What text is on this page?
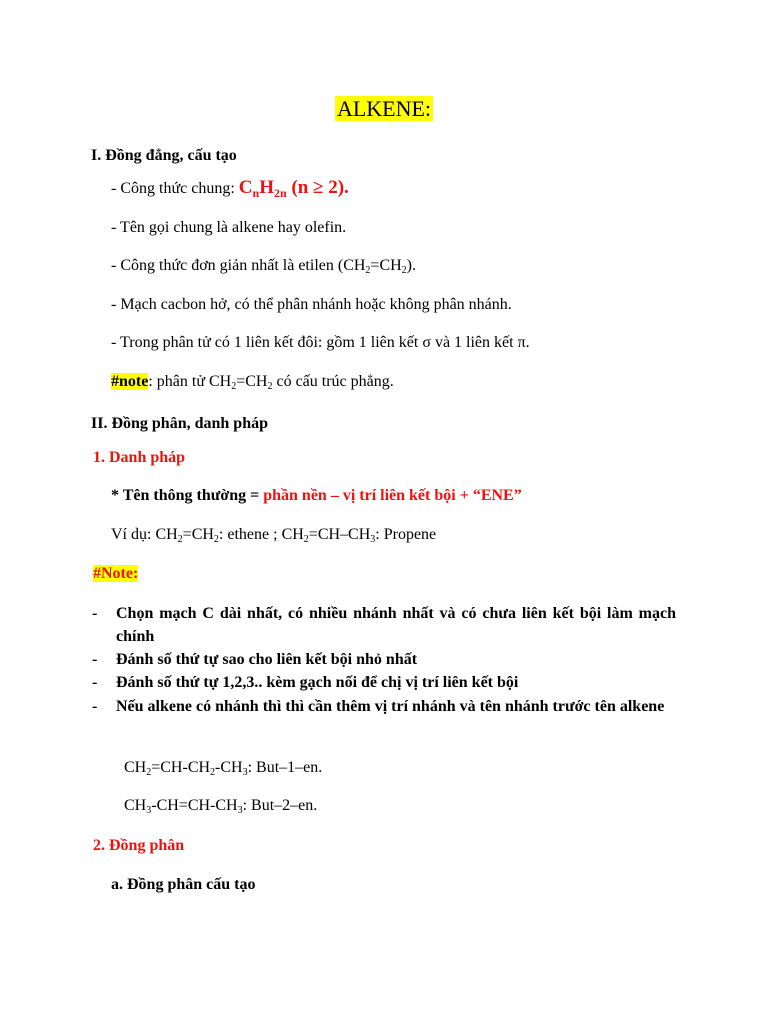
ALKENE:
I. Đồng đẳng, cấu tạo
- Công thức chung: $C_nH_{2n}$ (n ≥ 2).
- Tên gọi chung là alkene hay olefin.
- Công thức đơn giản nhất là etilen $(CH_2=CH_2)$.
- Mạch cacbon hở, có thể phân nhánh hoặc không phân nhánh.
- Trong phân tử có 1 liên kết đôi: gồm 1 liên kết σ và 1 liên kết π.
#note: phân tử $CH_2=CH_2$ có cấu trúc phẳng.
II. Đồng phân, danh pháp
1. Danh pháp
* Tên thông thường = phần nền – vị trí liên kết bội + “ENE”
Ví dụ: $CH_2=CH_2$: ethene ; $CH_2=CH-CH_3$: Propene
#Note:
- Chọn mạch C dài nhất, có nhiều nhánh nhất và có chưa liên kết bội làm mạch chính
- Đánh số thứ tự sao cho liên kết bội nhỏ nhất
- Đánh số thứ tự 1,2,3.. kèm gạch nối để chị vị trí liên kết bội
- Nếu alkene có nhánh thì thì cần thêm vị trí nhánh và tên nhánh trước tên alkene
$CH_2=CH-CH_2-CH_3$: But–1–en.
$CH_3-CH=CH-CH_3$: But–2–en.
2. Đồng phân
a. Đồng phân cấu tạo
